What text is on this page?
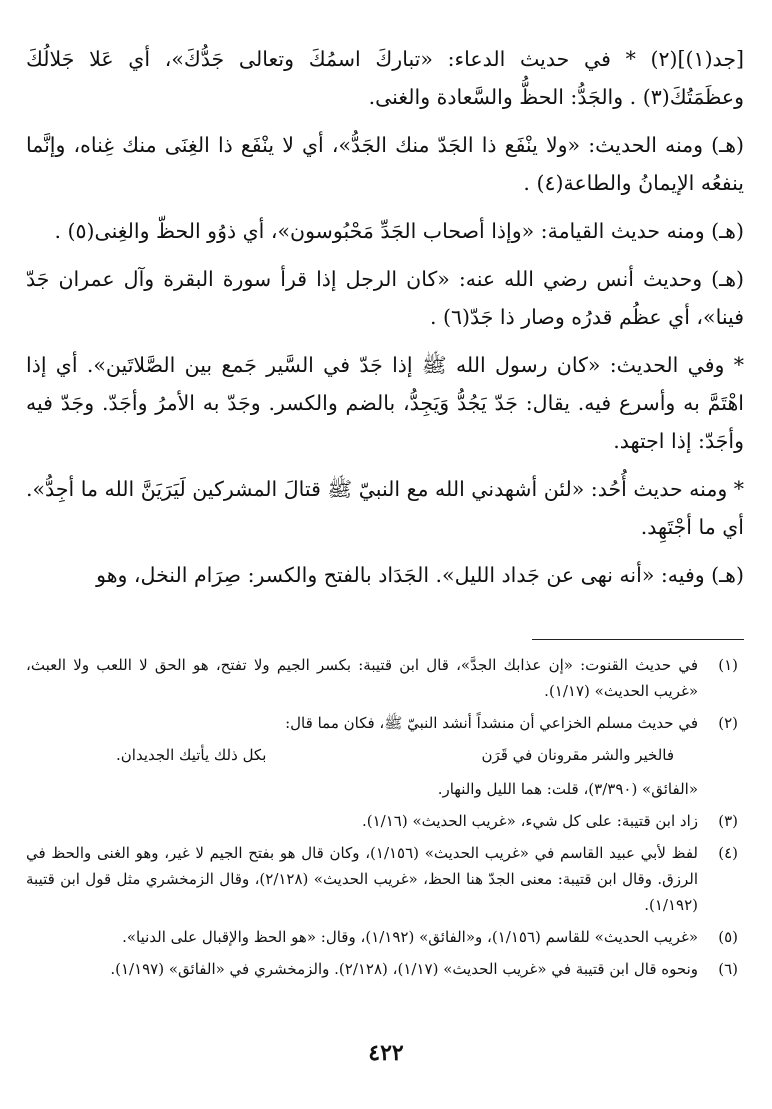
[جد(١)](٢) * في حديث الدعاء: «تباركَ اسمُكَ وتعالى جَدُّكَ»، أي عَلا جَلالُكَ وعظَمَتُكَ(٣) . والجَدُّ: الحظُّ والسَّعادة والغنى.

(هـ) ومنه الحديث: «ولا ينْفَع ذا الجَدّ منك الجَدُّ»، أي لا ينْفَع ذا الغِنَى منك غِناه، وإنَّما ينفعُه الإيمانُ والطاعة(٤) .

(هـ) ومنه حديث القيامة: «وإذا أصحاب الجَدِّ مَحْبُوسون»، أي ذوُو الحظّ والغِنى(٥) .

(هـ) وحديث أنس رضي الله عنه: «كان الرجل إذا قرأ سورة البقرة وآل عمران جَدّ فينا»، أي عظُم قدرُه وصار ذا جَدّ(٦) .

* وفي الحديث: «كان رسول الله ﷺ إذا جَدّ في السَّير جَمع بين الصَّلاتَين». أي إذا اهْتَمَّ به وأسرع فيه. يقال: جَدّ يَجُدُّ وَيَجِدُّ، بالضم والكسر. وجَدّ به الأمرُ وأجَدّ. وجَدّ فيه وأجَدّ: إذا اجتهد.

* ومنه حديث أُحُد: «لئن أشهدني الله مع النبيّ ﷺ قتالَ المشركين لَيَرَيَنَّ الله ما أجِدُّ». أي ما أجْتَهِد.

(هـ) وفيه: «أنه نهى عن جَداد الليل». الجَدَاد بالفتح والكسر: صِرَام النخل، وهو

(١)
في حديث القنوت: «إن عذابك الجدَّ»، قال ابن قتيبة: بكسر الجيم ولا تفتح، هو الحق لا اللعب ولا العبث، «غريب الحديث» (١/١٧).
(٢)
في حديث مسلم الخزاعي أن منشداً أنشد النبيّ ﷺ، فكان مما قال:
فالخير والشر مقرونان في قَرَن
بكل ذلك يأتيك الجديدان.
«الفائق» (٣/٣٩٠)، قلت: هما الليل والنهار.
(٣)
زاد ابن قتيبة: على كل شيء، «غريب الحديث» (١/١٦).
(٤)
لفظ لأبي عبيد القاسم في «غريب الحديث» (١/١٥٦)، وكان قال هو بفتح الجيم لا غير، وهو الغنى والحظ في الرزق. وقال ابن قتيبة: معنى الجدّ هنا الحظ، «غريب الحديث» (٢/١٢٨)، وقال الزمخشري مثل قول ابن قتيبة (١/١٩٢).
(٥)
«غريب الحديث» للقاسم (١/١٥٦)، و«الفائق» (١/١٩٢)، وقال: «هو الحظ والإقبال على الدنيا».
(٦)
ونحوه قال ابن قتيبة في «غريب الحديث» (١/١٧)، (٢/١٢٨). والزمخشري في «الفائق» (١/١٩٧).
٤٢٢
